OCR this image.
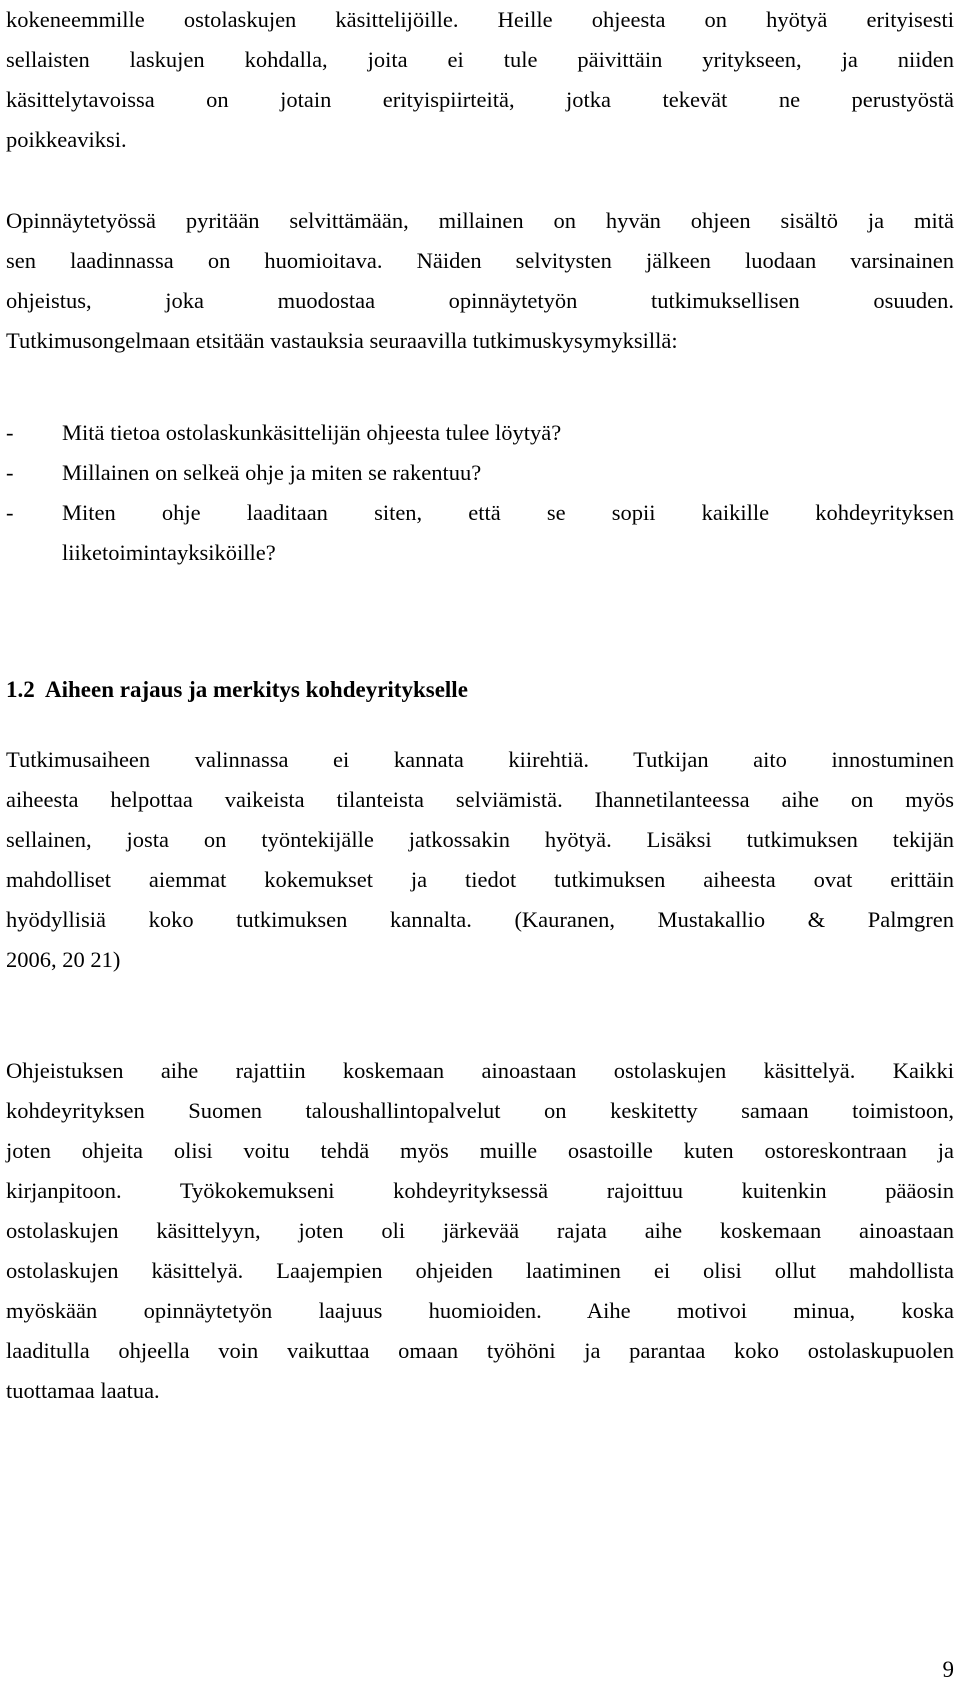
kokeneemmille ostolaskujen käsittelijöille. Heille ohjeesta on hyötyä erityisesti
sellaisten laskujen kohdalla, joita ei tule päivittäin yritykseen, ja niiden
käsittelytavoissa on jotain erityispiirteitä, jotka tekevät ne perustyöstä
poikkeaviksi.
Opinnäytetyössä pyritään selvittämään, millainen on hyvän ohjeen sisältö ja mitä
sen laadinnassa on huomioitava. Näiden selvitysten jälkeen luodaan varsinainen
ohjeistus, joka muodostaa opinnäytetyön tutkimuksellisen osuuden.
Tutkimusongelmaan etsitään vastauksia seuraavilla tutkimuskysymyksillä:
- Mitä tietoa ostolaskunkäsittelijän ohjeesta tulee löytyä?
- Millainen on selkeä ohje ja miten se rakentuu?
- Miten ohje laaditaan siten, että se sopii kaikille kohdeyrityksen
liiketoimintayksiköille?
1.2 Aiheen rajaus ja merkitys kohdeyritykselle
Tutkimusaiheen valinnassa ei kannata kiirehtiä. Tutkijan aito innostuminen
aiheesta helpottaa vaikeista tilanteista selviämistä. Ihannetilanteessa aihe on myös
sellainen, josta on työntekijälle jatkossakin hyötyä. Lisäksi tutkimuksen tekijän
mahdolliset aiemmat kokemukset ja tiedot tutkimuksen aiheesta ovat erittäin
hyödyllisiä koko tutkimuksen kannalta. (Kauranen, Mustakallio & Palmgren
2006, 20 21)
Ohjeistuksen aihe rajattiin koskemaan ainoastaan ostolaskujen käsittelyä. Kaikki
kohdeyrityksen Suomen taloushallintopalvelut on keskitetty samaan toimistoon,
joten ohjeita olisi voitu tehdä myös muille osastoille kuten ostoreskontraan ja
kirjanpitoon. Työkokemukseni kohdeyrityksessä rajoittuu kuitenkin pääosin
ostolaskujen käsittelyyn, joten oli järkevää rajata aihe koskemaan ainoastaan
ostolaskujen käsittelyä. Laajempien ohjeiden laatiminen ei olisi ollut mahdollista
myöskään opinnäytetyön laajuus huomioiden. Aihe motivoi minua, koska
laaditulla ohjeella voin vaikuttaa omaan työhöni ja parantaa koko ostolaskupuolen
tuottamaa laatua.
9
